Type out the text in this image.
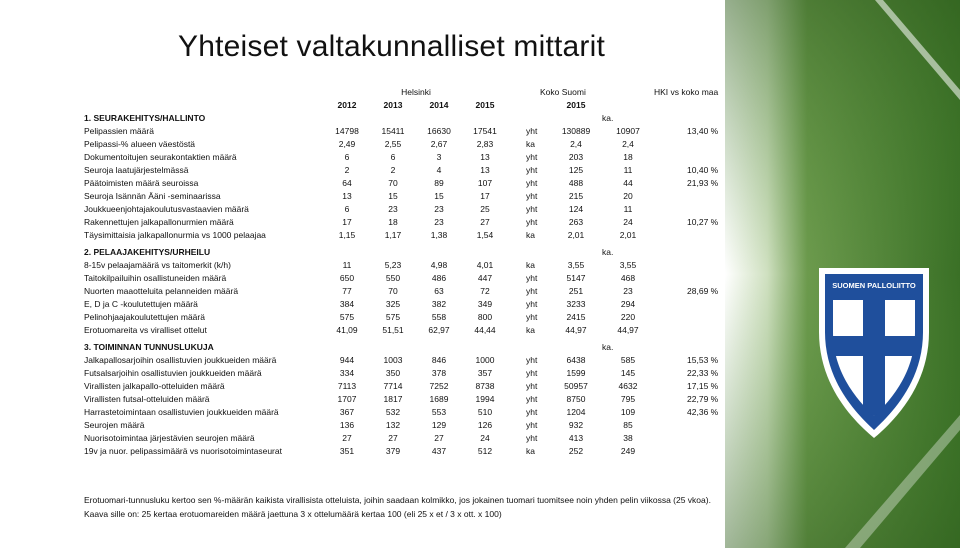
SUOMEN PALLOLIITTO
Yhteiset valtakunnalliset mittarit
	Helsinki					Koko Suomi			HKI vs koko maa
	2012	2013	2014	2015			2015		
1. SEURAKEHITYS/HALLINTO								ka.	
Pelipassien määrä	14798	15411	16630	17541		yht	130889	10907	13,40 %
Pelipassi-% alueen väestöstä	2,49	2,55	2,67	2,83		ka	2,4	2,4	
Dokumentoitujen seurakontaktien määrä	6	6	3	13		yht	203	18	
Seuroja laatujärjestelmässä	2	2	4	13		yht	125	11	10,40 %
Päätoimisten määrä seuroissa	64	70	89	107		yht	488	44	21,93 %
Seuroja Isännän Ääni -seminaarissa	13	15	15	17		yht	215	20	
Joukkueenjohtajakoulutusvastaavien määrä	6	23	23	25		yht	124	11	
Rakennettujen jalkapallonurmien määrä	17	18	23	27		yht	263	24	10,27 %
Täysimittaisia jalkapallonurmia vs 1000 pelaajaa	1,15	1,17	1,38	1,54		ka	2,01	2,01	

2. PELAAJAKEHITYS/URHEILU								ka.	
8-15v pelaajamäärä vs taitomerkit (k/h)	11	5,23	4,98	4,01		ka	3,55	3,55	
Taitokilpailuihin osallistuneiden määrä	650	550	486	447		yht	5147	468	
Nuorten maaotteluita pelanneiden määrä	77	70	63	72		yht	251	23	28,69 %
E, D ja C -koulutettujen määrä	384	325	382	349		yht	3233	294	
Pelinohjaajakoulutettujen määrä	575	575	558	800		yht	2415	220	
Erotuomareita vs viralliset ottelut	41,09	51,51	62,97	44,44		ka	44,97	44,97	

3. TOIMINNAN TUNNUSLUKUJA								ka.	
Jalkapallosarjoihin osallistuvien joukkueiden määrä	944	1003	846	1000		yht	6438	585	15,53 %
Futsalsarjoihin osallistuvien joukkueiden määrä	334	350	378	357		yht	1599	145	22,33 %
Virallisten jalkapallo-otteluiden määrä	7113	7714	7252	8738		yht	50957	4632	17,15 %
Virallisten futsal-otteluiden määrä	1707	1817	1689	1994		yht	8750	795	22,79 %
Harrastetoimintaan osallistuvien joukkueiden määrä	367	532	553	510		yht	1204	109	42,36 %
Seurojen määrä	136	132	129	126		yht	932	85	
Nuorisotoimintaa järjestävien seurojen määrä	27	27	27	24		yht	413	38	
19v ja nuor. pelipassimäärä vs nuorisotoimintaseurat	351	379	437	512		ka	252	249	
Erotuomari-tunnusluku kertoo sen %-määrän kaikista virallisista otteluista, joihin saadaan kolmikko, jos jokainen tuomari tuomitsee noin yhden pelin viikossa (25 vkoa).
Kaava sille on: 25 kertaa erotuomareiden määrä jaettuna 3 x ottelumäärä kertaa 100 (eli 25 x et / 3 x ott. x 100)
